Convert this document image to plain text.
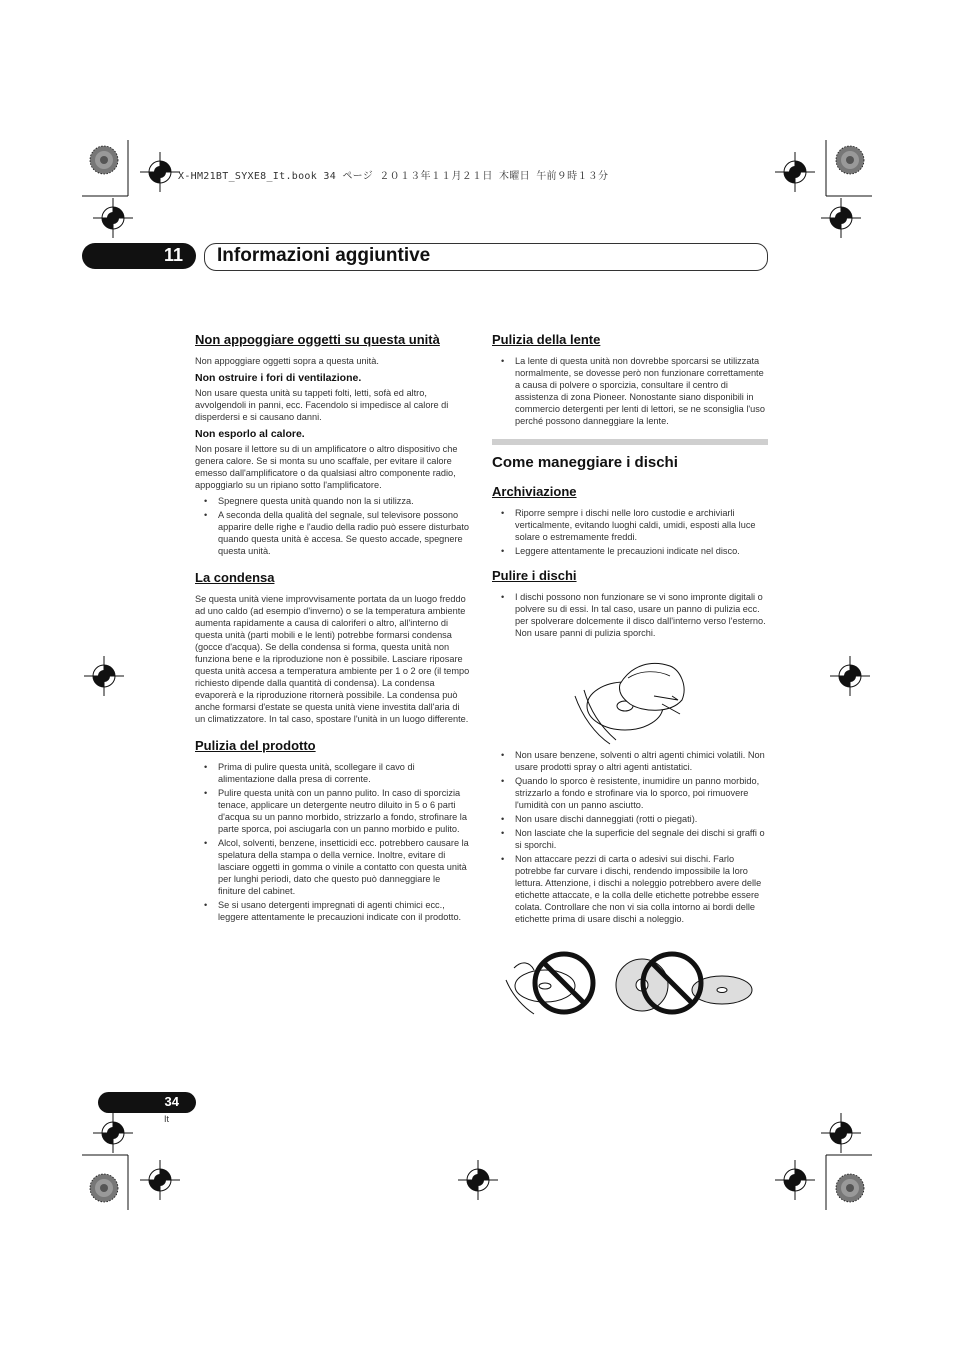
X-HM21BT_SYXE8_It.book 34 ページ ２０１３年１１月２１日 木曜日 午前９時１３分
11 Informazioni aggiuntive
Non appoggiare oggetti su questa unità

Non appoggiare oggetti sopra a questa unità.

Non ostruire i fori di ventilazione.

Non usare questa unità su tappeti folti, letti, sofà ed altro, avvolgendoli in panni, ecc. Facendolo si impedisce al calore di disperdersi e si causano danni.

Non esporlo al calore.

Non posare il lettore su di un amplificatore o altro dispositivo che genera calore. Se si monta su uno scaffale, per evitare il calore emesso dall'amplificatore o da qualsiasi altro componente radio, appoggiarlo su un ripiano sotto l'amplificatore.

• Spegnere questa unità quando non la si utilizza.
• A seconda della qualità del segnale, sul televisore possono apparire delle righe e l'audio della radio può essere disturbato quando questa unità è accesa. Se questo accade, spegnere questa unità.
La condensa

Se questa unità viene improvvisamente portata da un luogo freddo ad uno caldo (ad esempio d'inverno) o se la temperatura ambiente aumenta rapidamente a causa di caloriferi o altro, all'interno di questa unità (parti mobili e le lenti) potrebbe formarsi condensa (gocce d'acqua). Se della condensa si forma, questa unità non funziona bene e la riproduzione non è possibile. Lasciare riposare questa unità accesa a temperatura ambiente per 1 o 2 ore (il tempo richiesto dipende dalla quantità di condensa). La condensa evaporerà e la riproduzione ritornerà possibile. La condensa può anche formarsi d'estate se questa unità viene investita dall'aria di un climatizzatore. In tal caso, spostare l'unità in un luogo differente.

Pulizia del prodotto
• Prima di pulire questa unità, scollegare il cavo di alimentazione dalla presa di corrente.
• Pulire questa unità con un panno pulito. In caso di sporcizia tenace, applicare un detergente neutro diluito in 5 o 6 parti d'acqua su un panno morbido, strizzarlo a fondo, strofinare la parte sporca, poi asciugarla con un panno morbido e pulito.
• Alcol, solventi, benzene, insetticidi ecc. potrebbero causare la spelatura della stampa o della vernice. Inoltre, evitare di lasciare oggetti in gomma o vinile a contatto con questa unità per lunghi periodi, dato che questo può danneggiare le finiture del cabinet.
• Se si usano detergenti impregnati di agenti chimici ecc., leggere attentamente le precauzioni indicate con il prodotto.
Pulizia della lente
• La lente di questa unità non dovrebbe sporcarsi se utilizzata normalmente, se dovesse però non funzionare correttamente a causa di polvere o sporcizia, consultare il centro di assistenza di zona Pioneer. Nonostante siano disponibili in commercio detergenti per lenti di lettori, se ne sconsiglia l'uso perché possono danneggiare la lente.
Come maneggiare i dischi
Archiviazione
• Riporre sempre i dischi nelle loro custodie e archiviarli verticalmente, evitando luoghi caldi, umidi, esposti alla luce solare o estremamente freddi.
• Leggere attentamente le precauzioni indicate nel disco.
Pulire i dischi
• I dischi possono non funzionare se vi sono impronte digitali o polvere su di essi. In tal caso, usare un panno di pulizia ecc. per spolverare dolcemente il disco dall'interno verso l'esterno. Non usare panni di pulizia sporchi.
• Non usare benzene, solventi o altri agenti chimici volatili. Non usare prodotti spray o altri agenti antistatici.
• Quando lo sporco è resistente, inumidire un panno morbido, strizzarlo a fondo e strofinare via lo sporco, poi rimuovere l'umidità con un panno asciutto.
• Non usare dischi danneggiati (rotti o piegati).
• Non lasciate che la superficie del segnale dei dischi si graffi o si sporchi.
• Non attaccare pezzi di carta o adesivi sui dischi. Farlo potrebbe far curvare i dischi, rendendo impossibile la loro lettura. Attenzione, i dischi a noleggio potrebbero avere delle etichette attaccate, e la colla delle etichette potrebbe essere colata. Controllare che non vi sia colla intorno ai bordi delle etichette prima di usare dischi a noleggio.
34
It
